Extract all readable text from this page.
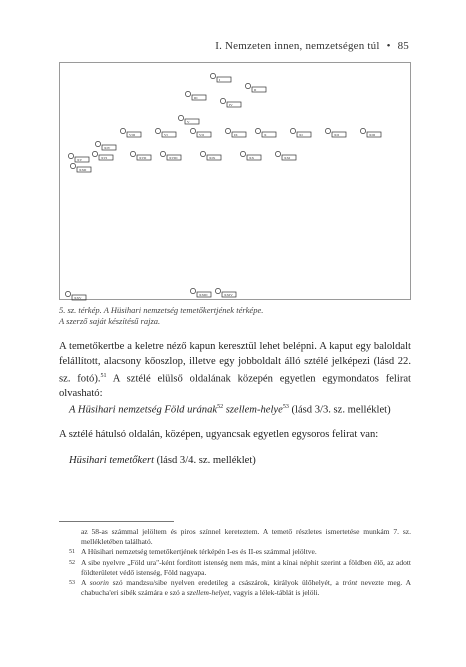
I. Nemzeten innen, nemzetségen túl • 85
I
II
III
IV
V
VI	VII
VIII	IX	X	XI	XII	XIII
XIV
XV	XVI	XVII	XVIII	XIX	XX	XXI
XXII
XXIII	XXIV
XXV
5. sz. térkép. A Hüsihari nemzetség temetőkertjének térképe.
A szerző saját készítésű rajza.
A temetőkertbe a keletre néző kapun keresztül lehet belépni. A kaput egy baloldalt felállított, alacsony kőoszlop, illetve egy jobboldalt álló sztélé jelképezi (lásd 22. sz. fotó).$^{51}$ A sztélé elülső oldalának közepén egyetlen egymondatos felirat olvasható:
A Hüsihari nemzetség Föld urának$^{52}$ szellem-helye$^{53}$ (lásd 3/3. sz. melléklet)
A sztélé hátulsó oldalán, középen, ugyancsak egyetlen egysoros felirat van:
Hüsihari temetőkert (lásd 3/4. sz. melléklet)
az 58-as számmal jelöltem és piros színnel kereteztem. A temető részletes ismertetése munkám 7. sz. mellékletében található.
51 A Hüsihari nemzetség temetőkertjének térképén I-es és II-es számmal jelöltve.
52 A sibe nyelvre „Föld ura"-ként fordított istenség nem más, mint a kínai néphit szerint a földben élő, az adott földterületet védő istenség, Föld nagyapa.
53 A soorin szó mandzsu/sibe nyelven eredetileg a császárok, királyok ülőhelyét, a trónt nevezte meg. A chabucha'eri sibék számára e szó a szellem-helyet, vagyis a lélek-táblát is jelöli.
